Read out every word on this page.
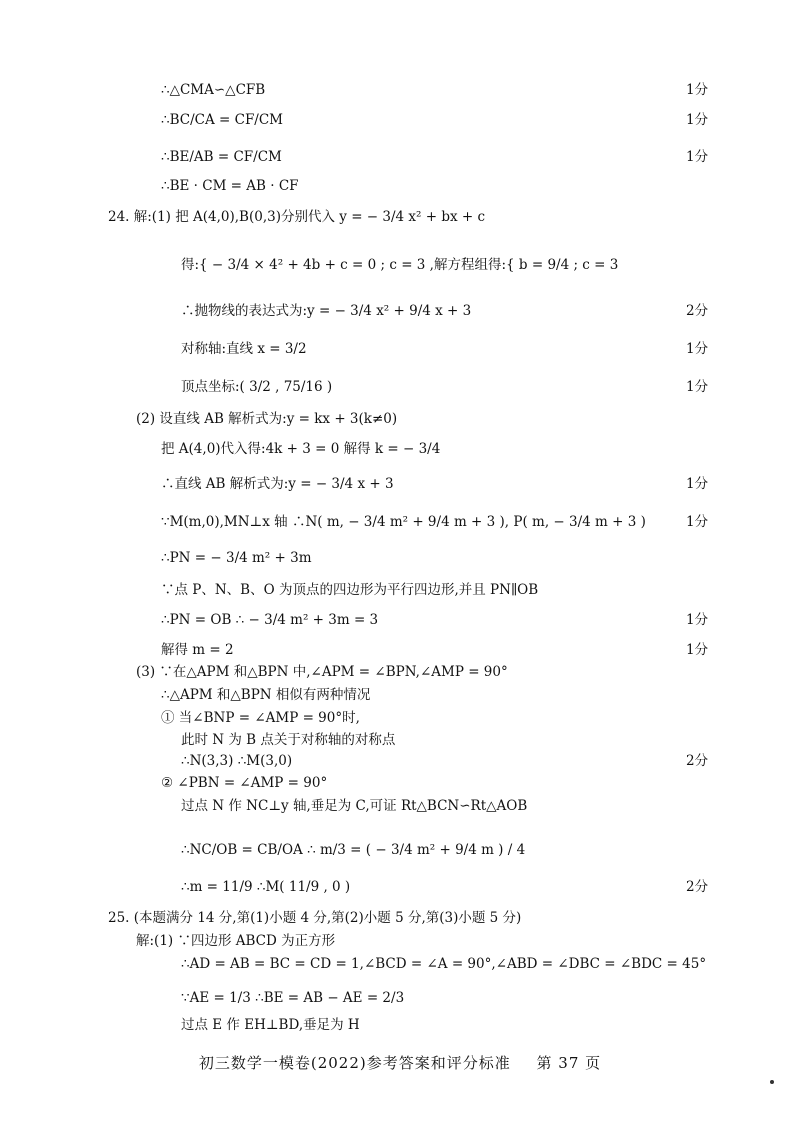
∴△CMA∽△CFB	1分
∴BC/CA = CF/CM	1分
∴BE/AB = CF/CM	1分
∴BE · CM = AB · CF
24. 解:(1) 把 A(4,0),B(0,3)分别代入 y = − 3/4 x² + bx + c
得:{ − 3/4 × 4² + 4b + c = 0 ; c = 3 ,解方程组得:{ b = 9/4 ; c = 3
∴抛物线的表达式为:y = − 3/4 x² + 9/4 x + 3	2分
对称轴:直线 x = 3/2	1分
顶点坐标:( 3/2 , 75/16 )	1分
(2) 设直线 AB 解析式为:y = kx + 3(k≠0)
把 A(4,0)代入得:4k + 3 = 0 解得 k = − 3/4
∴直线 AB 解析式为:y = − 3/4 x + 3	1分
∵M(m,0),MN⊥x 轴 ∴N( m, − 3/4 m² + 9/4 m + 3 ), P( m, − 3/4 m + 3 )	1分
∴PN = − 3/4 m² + 3m
∵点 P、N、B、O 为顶点的四边形为平行四边形,并且 PN∥OB
∴PN = OB ∴ − 3/4 m² + 3m = 3	1分
解得 m = 2	1分
(3) ∵在△APM 和△BPN 中,∠APM = ∠BPN,∠AMP = 90°
∴△APM 和△BPN 相似有两种情况
① 当∠BNP = ∠AMP = 90°时,
此时 N 为 B 点关于对称轴的对称点
∴N(3,3) ∴M(3,0)	2分
② ∠PBN = ∠AMP = 90°
过点 N 作 NC⊥y 轴,垂足为 C,可证 Rt△BCN∽Rt△AOB
∴NC/OB = CB/OA ∴ m/3 = ( − 3/4 m² + 9/4 m ) / 4
∴m = 11/9 ∴M( 11/9 , 0 )	2分
25. (本题满分 14 分,第(1)小题 4 分,第(2)小题 5 分,第(3)小题 5 分)
解:(1) ∵四边形 ABCD 为正方形
∴AD = AB = BC = CD = 1,∠BCD = ∠A = 90°,∠ABD = ∠DBC = ∠BDC = 45°
∵AE = 1/3 ∴BE = AB − AE = 2/3
过点 E 作 EH⊥BD,垂足为 H
初三数学一模卷(2022)参考答案和评分标准 第 37 页
